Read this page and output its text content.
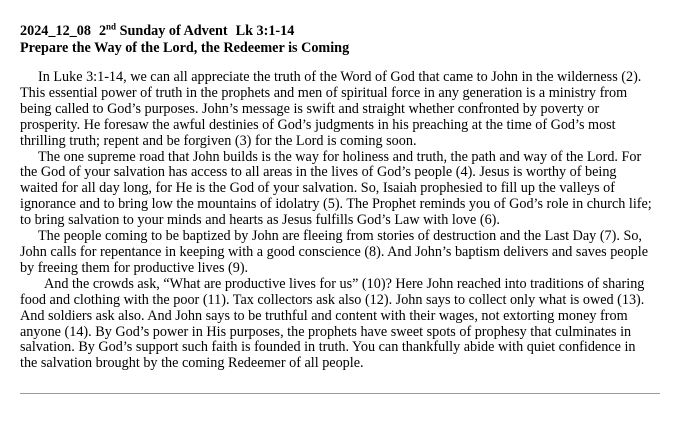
2024_12_08 2nd Sunday of Advent Lk 3:1-14
Prepare the Way of the Lord, the Redeemer is Coming
In Luke 3:1-14, we can all appreciate the truth of the Word of God that came to John in the wilderness (2).
This essential power of truth in the prophets and men of spiritual force in any generation is a ministry from
being called to God’s purposes. John’s message is swift and straight whether confronted by poverty or
prosperity. He foresaw the awful destinies of God’s judgments in his preaching at the time of God’s most
thrilling truth; repent and be forgiven (3) for the Lord is coming soon.
The one supreme road that John builds is the way for holiness and truth, the path and way of the Lord. For
the God of your salvation has access to all areas in the lives of God’s people (4). Jesus is worthy of being
waited for all day long, for He is the God of your salvation. So, Isaiah prophesied to fill up the valleys of
ignorance and to bring low the mountains of idolatry (5). The Prophet reminds you of God’s role in church life;
to bring salvation to your minds and hearts as Jesus fulfills God’s Law with love (6).
The people coming to be baptized by John are fleeing from stories of destruction and the Last Day (7). So,
John calls for repentance in keeping with a good conscience (8). And John’s baptism delivers and saves people
by freeing them for productive lives (9).
And the crowds ask, “What are productive lives for us” (10)? Here John reached into traditions of sharing
food and clothing with the poor (11). Tax collectors ask also (12). John says to collect only what is owed (13).
And soldiers ask also. And John says to be truthful and content with their wages, not extorting money from
anyone (14). By God’s power in His purposes, the prophets have sweet spots of prophesy that culminates in
salvation. By God’s support such faith is founded in truth. You can thankfully abide with quiet confidence in
the salvation brought by the coming Redeemer of all people.
